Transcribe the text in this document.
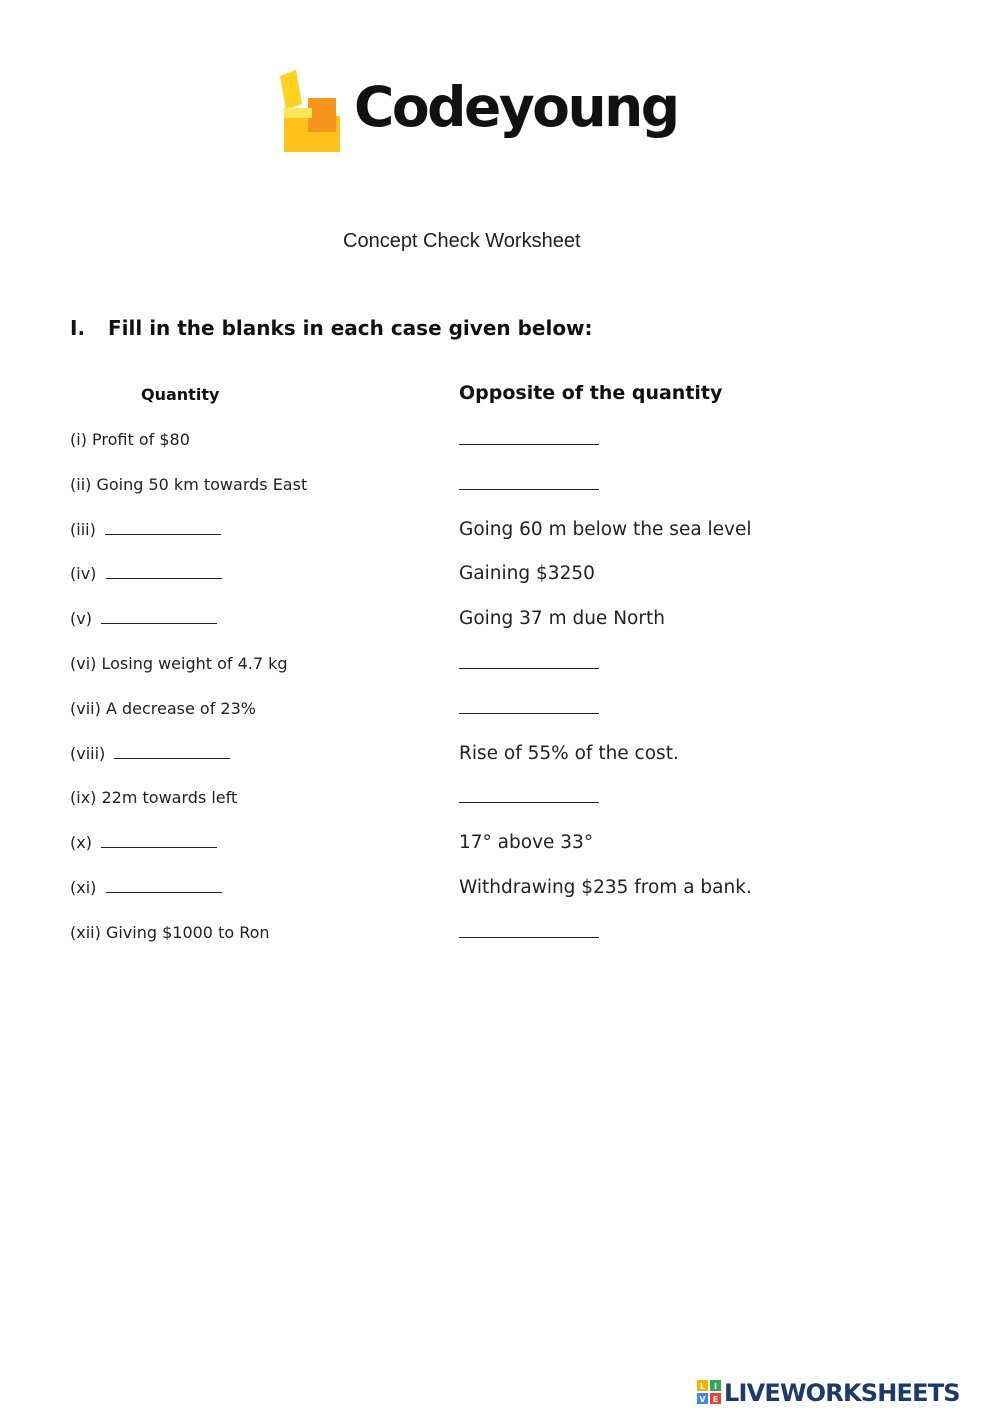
Codeyoung
Concept Check Worksheet
I. Fill in the blanks in each case given below:
Quantity	Opposite of the quantity
(i) Profit of $80
(ii) Going 50 km towards East
(iii)	Going 60 m below the sea level
(iv)	Gaining $3250
(v)	Going 37 m due North
(vi) Losing weight of 4.7 kg
(vii) A decrease of 23%
(viii)	Rise of 55% of the cost.
(ix) 22m towards left
(x)	17° above 33°
(xi)	Withdrawing $235 from a bank.
(xii) Giving $1000 to Ron
L I
V E LIVEWORKSHEETS
